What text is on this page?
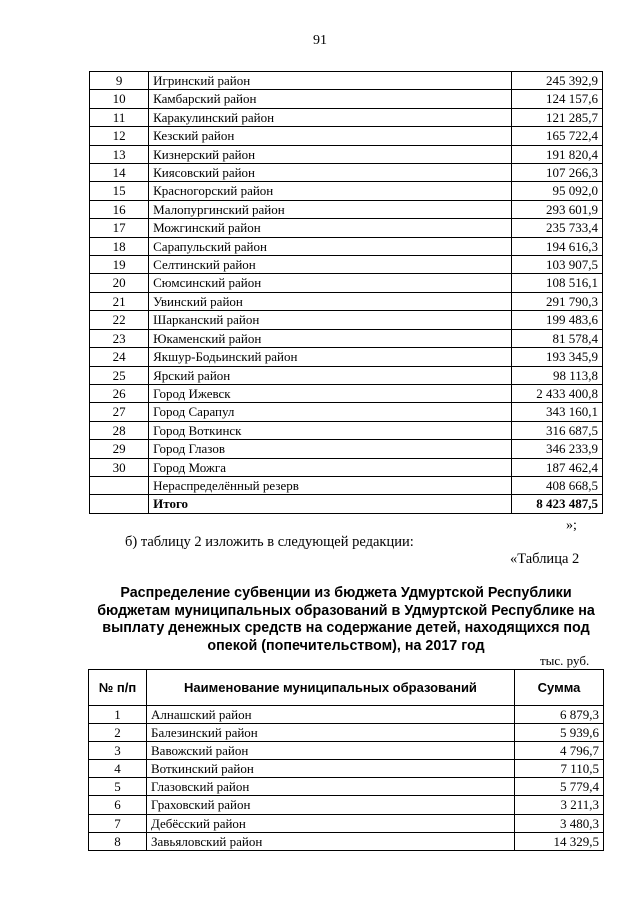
91
9	Игринский район	245 392,9
10	Камбарский район	124 157,6
11	Каракулинский район	121 285,7
12	Кезский район	165 722,4
13	Кизнерский район	191 820,4
14	Киясовский район	107 266,3
15	Красногорский район	95 092,0
16	Малопургинский район	293 601,9
17	Можгинский район	235 733,4
18	Сарапульский район	194 616,3
19	Селтинский район	103 907,5
20	Сюмсинский район	108 516,1
21	Увинский район	291 790,3
22	Шарканский район	199 483,6
23	Юкаменский район	81 578,4
24	Якшур-Бодьинский район	193 345,9
25	Ярский район	98 113,8
26	Город Ижевск	2 433 400,8
27	Город Сарапул	343 160,1
28	Город Воткинск	316 687,5
29	Город Глазов	346 233,9
30	Город Можга	187 462,4
	Нераспределённый резерв	408 668,5
	Итого	8 423 487,5
»;
б) таблицу 2 изложить в следующей редакции:
«Таблица 2
Распределение субвенции из бюджета Удмуртской Республики
бюджетам муниципальных образований в Удмуртской Республике на
выплату денежных средств на содержание детей, находящихся под
опекой (попечительством), на 2017 год
тыс. руб.
№ п/п	Наименование муниципальных образований	Сумма
1	Алнашский район	6 879,3
2	Балезинский район	5 939,6
3	Вавожский район	4 796,7
4	Воткинский район	7 110,5
5	Глазовский район	5 779,4
6	Граховский район	3 211,3
7	Дебёсский район	3 480,3
8	Завьяловский район	14 329,5
